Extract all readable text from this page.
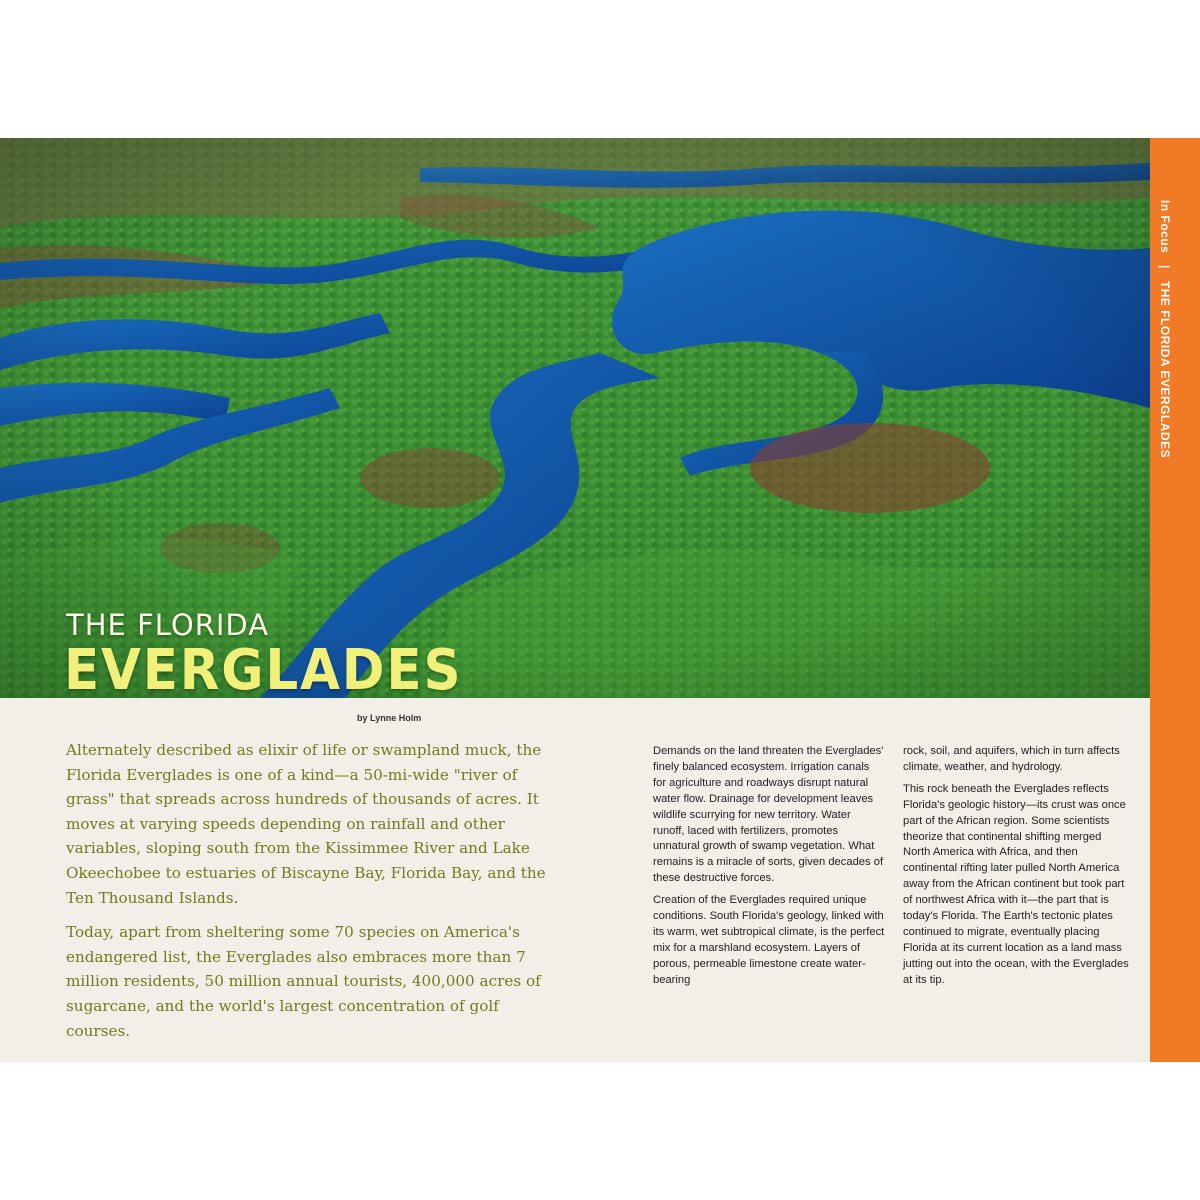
THE FLORIDA
EVERGLADES
by Lynne Holm

Alternately described as elixir of life or swampland muck, the Florida Everglades is one of a kind—a 50-mi-wide "river of grass" that spreads across hundreds of thousands of acres. It moves at varying speeds depending on rainfall and other variables, sloping south from the Kissimmee River and Lake Okeechobee to estuaries of Biscayne Bay, Florida Bay, and the Ten Thousand Islands.

Today, apart from sheltering some 70 species on America's endangered list, the Everglades also embraces more than 7 million residents, 50 million annual tourists, 400,000 acres of sugarcane, and the world's largest concentration of golf courses.

Demands on the land threaten the Everglades' finely balanced ecosystem. Irrigation canals for agriculture and roadways disrupt natural water flow. Drainage for development leaves wildlife scurrying for new territory. Water runoff, laced with fertilizers, promotes unnatural growth of swamp vegetation. What remains is a miracle of sorts, given decades of these destructive forces.

Creation of the Everglades required unique conditions. South Florida's geology, linked with its warm, wet subtropical climate, is the perfect mix for a marshland ecosystem. Layers of porous, permeable limestone create water-bearing

rock, soil, and aquifers, which in turn affects climate, weather, and hydrology.

This rock beneath the Everglades reflects Florida's geologic history—its crust was once part of the African region. Some scientists theorize that continental shifting merged North America with Africa, and then continental rifting later pulled North America away from the African continent but took part of northwest Africa with it—the part that is today's Florida. The Earth's tectonic plates continued to migrate, eventually placing Florida at its current location as a land mass jutting out into the ocean, with the Everglades at its tip.

In Focus | THE FLORIDA EVERGLADES
